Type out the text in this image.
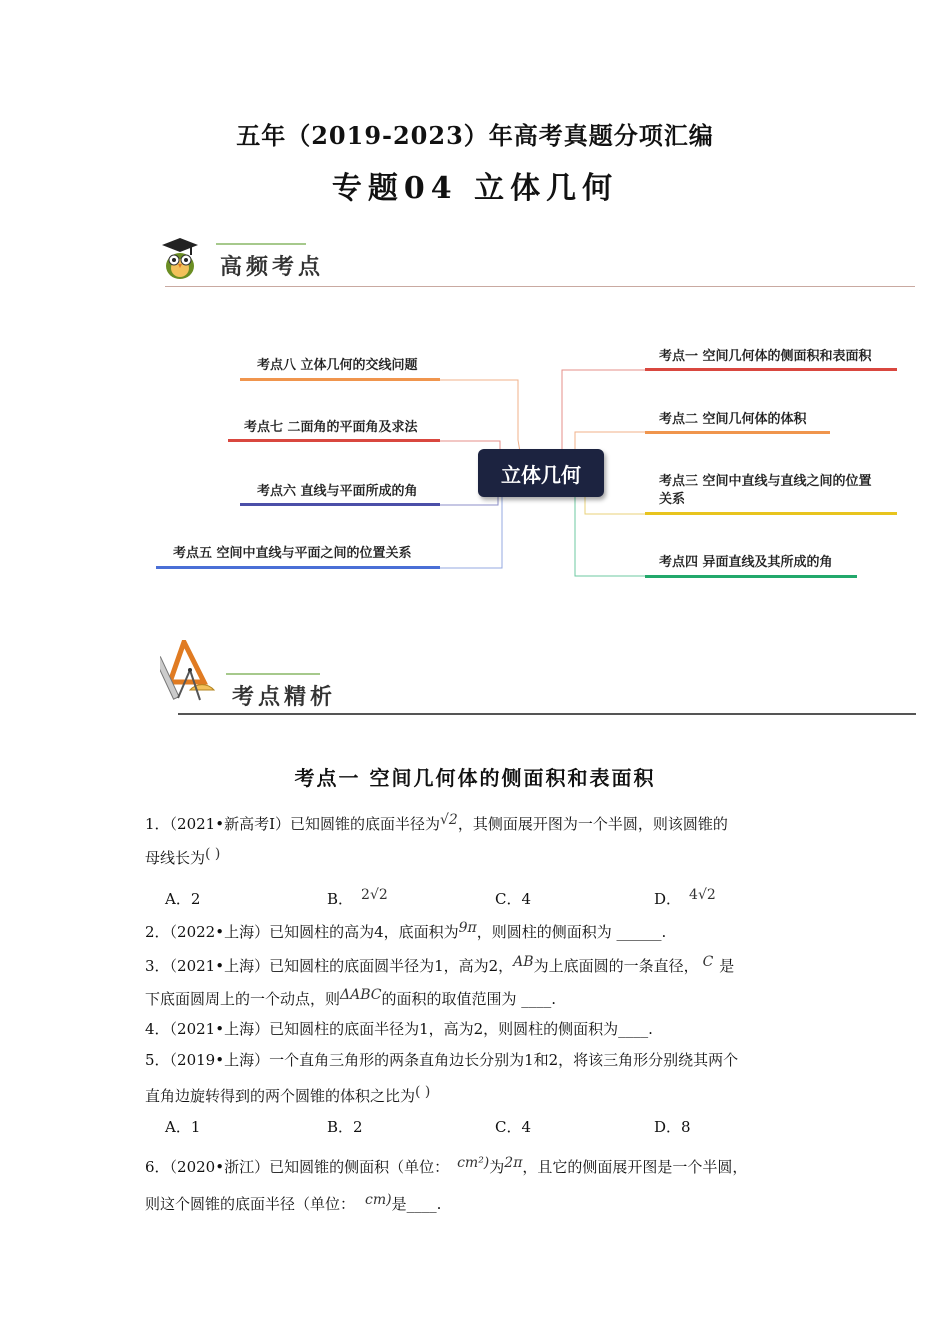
五年（2019-2023）年高考真题分项汇编
专题04 立体几何
高频考点
考点八 立体几何的交线问题
考点七 二面角的平面角及求法
考点六 直线与平面所成的角
考点五 空间中直线与平面之间的位置关系
立体几何
考点一 空间几何体的侧面积和表面积
考点二 空间几何体的体积
考点三 空间中直线与直线之间的位置
关系
考点四 异面直线及其所成的角
考点精析
考点一 空间几何体的侧面积和表面积
1．（2021•新高考Ⅰ）已知圆锥的底面半径为√2，其侧面展开图为一个半圆，则该圆锥的
母线长为( )
A．2	B． 2√2	C．4	D． 4√2
2．（2022•上海）已知圆柱的高为4，底面积为9π，则圆柱的侧面积为 ______.
3．（2021•上海）已知圆柱的底面圆半径为1，高为2，AB为上底面圆的一条直径， C 是
下底面圆周上的一个动点，则ΔABC的面积的取值范围为 ____.
4．（2021•上海）已知圆柱的底面半径为1，高为2，则圆柱的侧面积为____.
5．（2019•上海）一个直角三角形的两条直角边长分别为1和2，将该三角形分别绕其两个
直角边旋转得到的两个圆锥的体积之比为( )
A．1	B．2	C．4	D．8
6．（2020•浙江）已知圆锥的侧面积（单位： cm²)为2π，且它的侧面展开图是一个半圆，
则这个圆锥的底面半径（单位： cm)是____.
